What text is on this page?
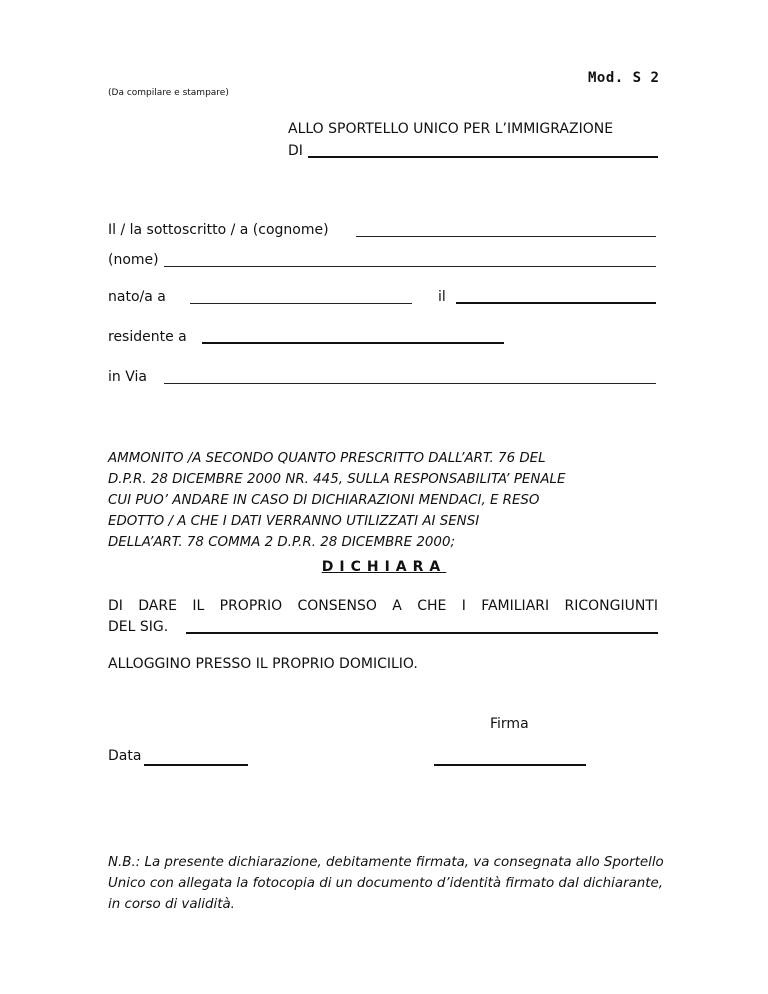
Mod. S 2
(Da compilare e stampare)
ALLO SPORTELLO UNICO PER L’IMMIGRAZIONE
DI
Il / la sottoscritto / a (cognome)
(nome)
nato/a a	il
residente a
in Via
AMMONITO /A SECONDO QUANTO PRESCRITTO DALL’ART. 76 DEL
D.P.R. 28 DICEMBRE 2000 NR. 445, SULLA RESPONSABILITA’ PENALE
CUI PUO’ ANDARE IN CASO DI DICHIARAZIONI MENDACI, E RESO
EDOTTO / A CHE I DATI VERRANNO UTILIZZATI AI SENSI
DELLA’ART. 78 COMMA 2 D.P.R. 28 DICEMBRE 2000;
DICHIARA
DI DARE IL PROPRIO CONSENSO A CHE I FAMILIARI RICONGIUNTI
DEL SIG.
ALLOGGINO PRESSO IL PROPRIO DOMICILIO.
Firma
Data
N.B.: La presente dichiarazione, debitamente firmata, va consegnata allo Sportello Unico con allegata la fotocopia di un documento d’identità firmato dal dichiarante, in corso di validità.
